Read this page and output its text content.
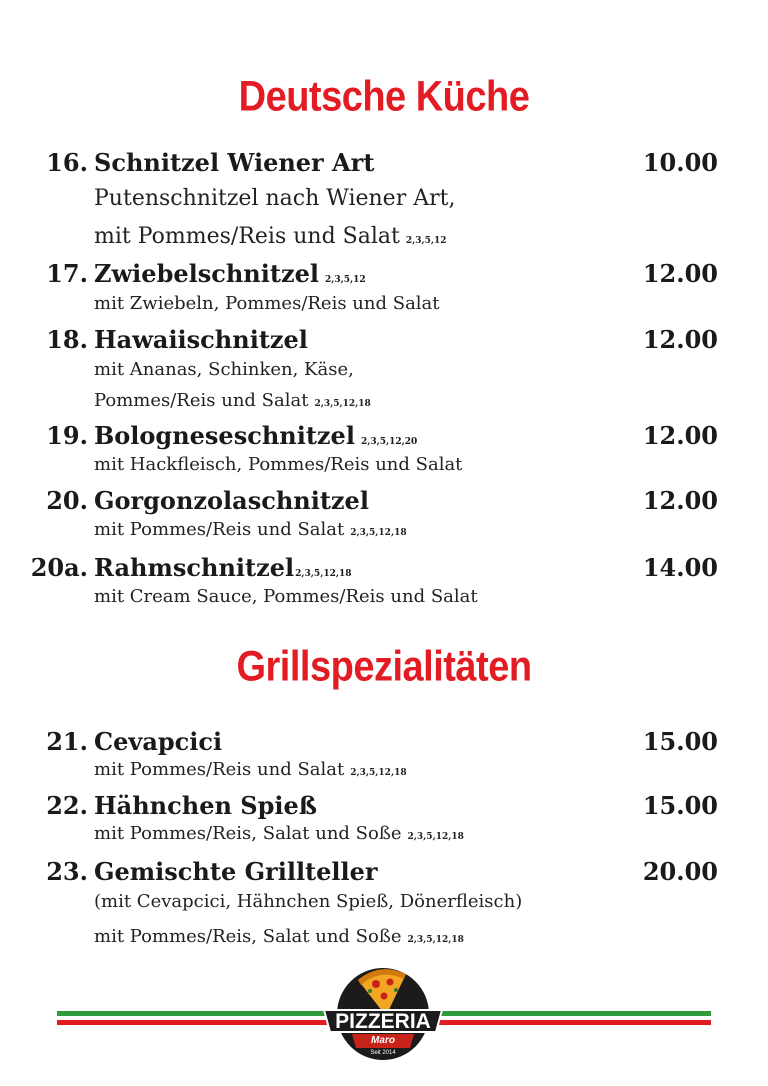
Deutsche Küche
Grillspezialitäten
16. Schnitzel Wiener Art	10.00
Putenschnitzel nach Wiener Art,
mit Pommes/Reis und Salat 2,3,5,12
17. Zwiebelschnitzel 2,3,5,12	12.00
mit Zwiebeln, Pommes/Reis und Salat
18. Hawaiischnitzel	12.00
mit Ananas, Schinken, Käse,
Pommes/Reis und Salat 2,3,5,12,18
19. Bologneseschnitzel 2,3,5,12,20	12.00
mit Hackfleisch, Pommes/Reis und Salat
20. Gorgonzolaschnitzel	12.00
mit Pommes/Reis und Salat 2,3,5,12,18
20a. Rahmschnitzel2,3,5,12,18	14.00
mit Cream Sauce, Pommes/Reis und Salat
21. Cevapcici	15.00
mit Pommes/Reis und Salat 2,3,5,12,18
22. Hähnchen Spieß	15.00
mit Pommes/Reis, Salat und Soße 2,3,5,12,18
23. Gemischte Grillteller	20.00
(mit Cevapcici, Hähnchen Spieß, Dönerfleisch)
mit Pommes/Reis, Salat und Soße 2,3,5,12,18
PIZZERIA
Maro
Seit 2014
